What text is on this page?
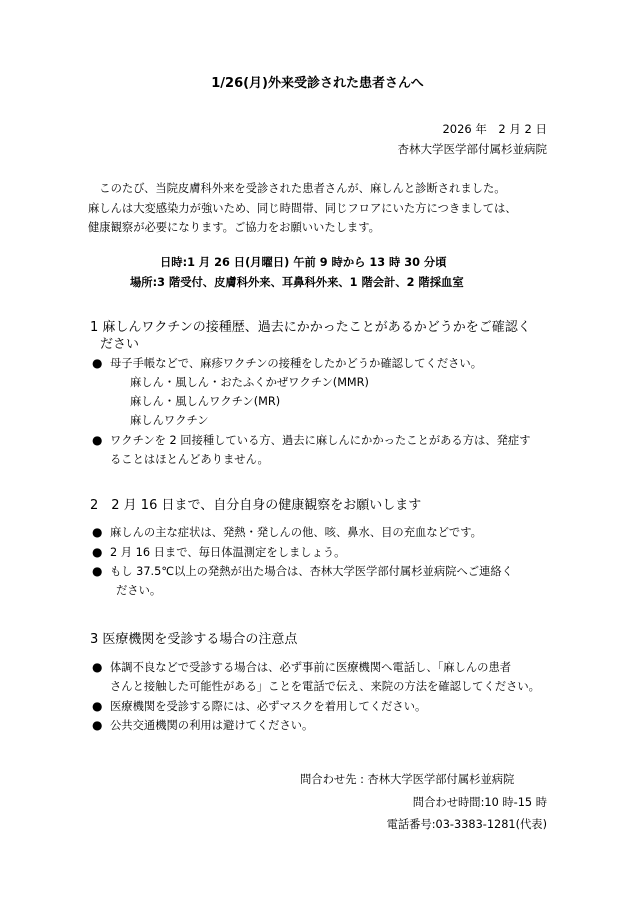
1/26(月)外来受診された患者さんへ
2026 年　2 月 2 日
杏林大学医学部付属杉並病院
　このたび、当院皮膚科外来を受診された患者さんが、麻しんと診断されました。
麻しんは大変感染力が強いため、同じ時間帯、同じフロアにいた方につきましては、
健康観察が必要になります。ご協力をお願いいたします。
日時:1 月 26 日(月曜日) 午前 9 時から 13 時 30 分頃
場所:3 階受付、皮膚科外来、耳鼻科外来、1 階会計、2 階採血室
1 麻しんワクチンの接種歴、過去にかかったことがあるかどうかをご確認く
ださい
● 母子手帳などで、麻疹ワクチンの接種をしたかどうか確認してください。
麻しん・風しん・おたふくかぜワクチン(MMR)
麻しん・風しんワクチン(MR)
麻しんワクチン
● ワクチンを 2 回接種している方、過去に麻しんにかかったことがある方は、発症す
ることはほとんどありません。
2　2 月 16 日まで、自分自身の健康観察をお願いします
● 麻しんの主な症状は、発熱・発しんの他、咳、鼻水、目の充血などです。
● 2 月 16 日まで、毎日体温測定をしましょう。
● もし 37.5℃以上の発熱が出た場合は、杏林大学医学部付属杉並病院へご連絡く
ださい。
3 医療機関を受診する場合の注意点
● 体調不良などで受診する場合は、必ず事前に医療機関へ電話し、「麻しんの患者
さんと接触した可能性がある」ことを電話で伝え、来院の方法を確認してください。
● 医療機関を受診する際には、必ずマスクを着用してください。
● 公共交通機関の利用は避けてください。
問合わせ先 : 杏林大学医学部付属杉並病院
問合わせ時間:10 時-15 時
電話番号:03-3383-1281(代表)
